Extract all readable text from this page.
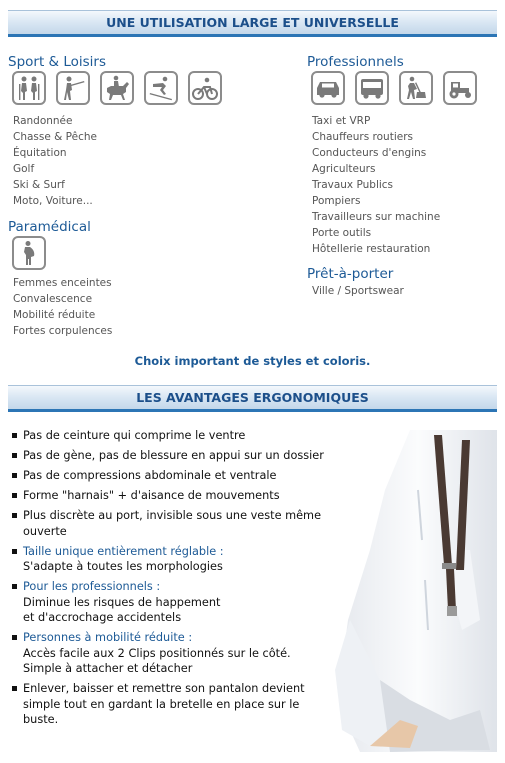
UNE UTILISATION LARGE ET UNIVERSELLE
Sport & Loisirs
Randonnée
Chasse & Pêche
Équitation
Golf
Ski & Surf
Moto, Voiture...
Paramédical
Femmes enceintes
Convalescence
Mobilité réduite
Fortes corpulences
Professionnels
Taxi et VRP
Chauffeurs routiers
Conducteurs d'engins
Agriculteurs
Travaux Publics
Pompiers
Travailleurs sur machine
Porte outils
Hôtellerie restauration
Prêt-à-porter
Ville / Sportswear
Choix important de styles et coloris.
LES AVANTAGES ERGONOMIQUES
Pas de ceinture qui comprime le ventre
Pas de gène, pas de blessure en appui sur un dossier
Pas de compressions abdominale et ventrale
Forme "harnais" + d'aisance de mouvements
Plus discrète au port, invisible sous une veste même
ouverte
Taille unique entièrement réglable :
S'adapte à toutes les morphologies
Pour les professionnels :
Diminue les risques de happement
et d'accrochage accidentels
Personnes à mobilité réduite :
Accès facile aux 2 Clips positionnés sur le côté.
Simple à attacher et détacher
Enlever, baisser et remettre son pantalon devient
simple tout en gardant la bretelle en place sur le
buste.
